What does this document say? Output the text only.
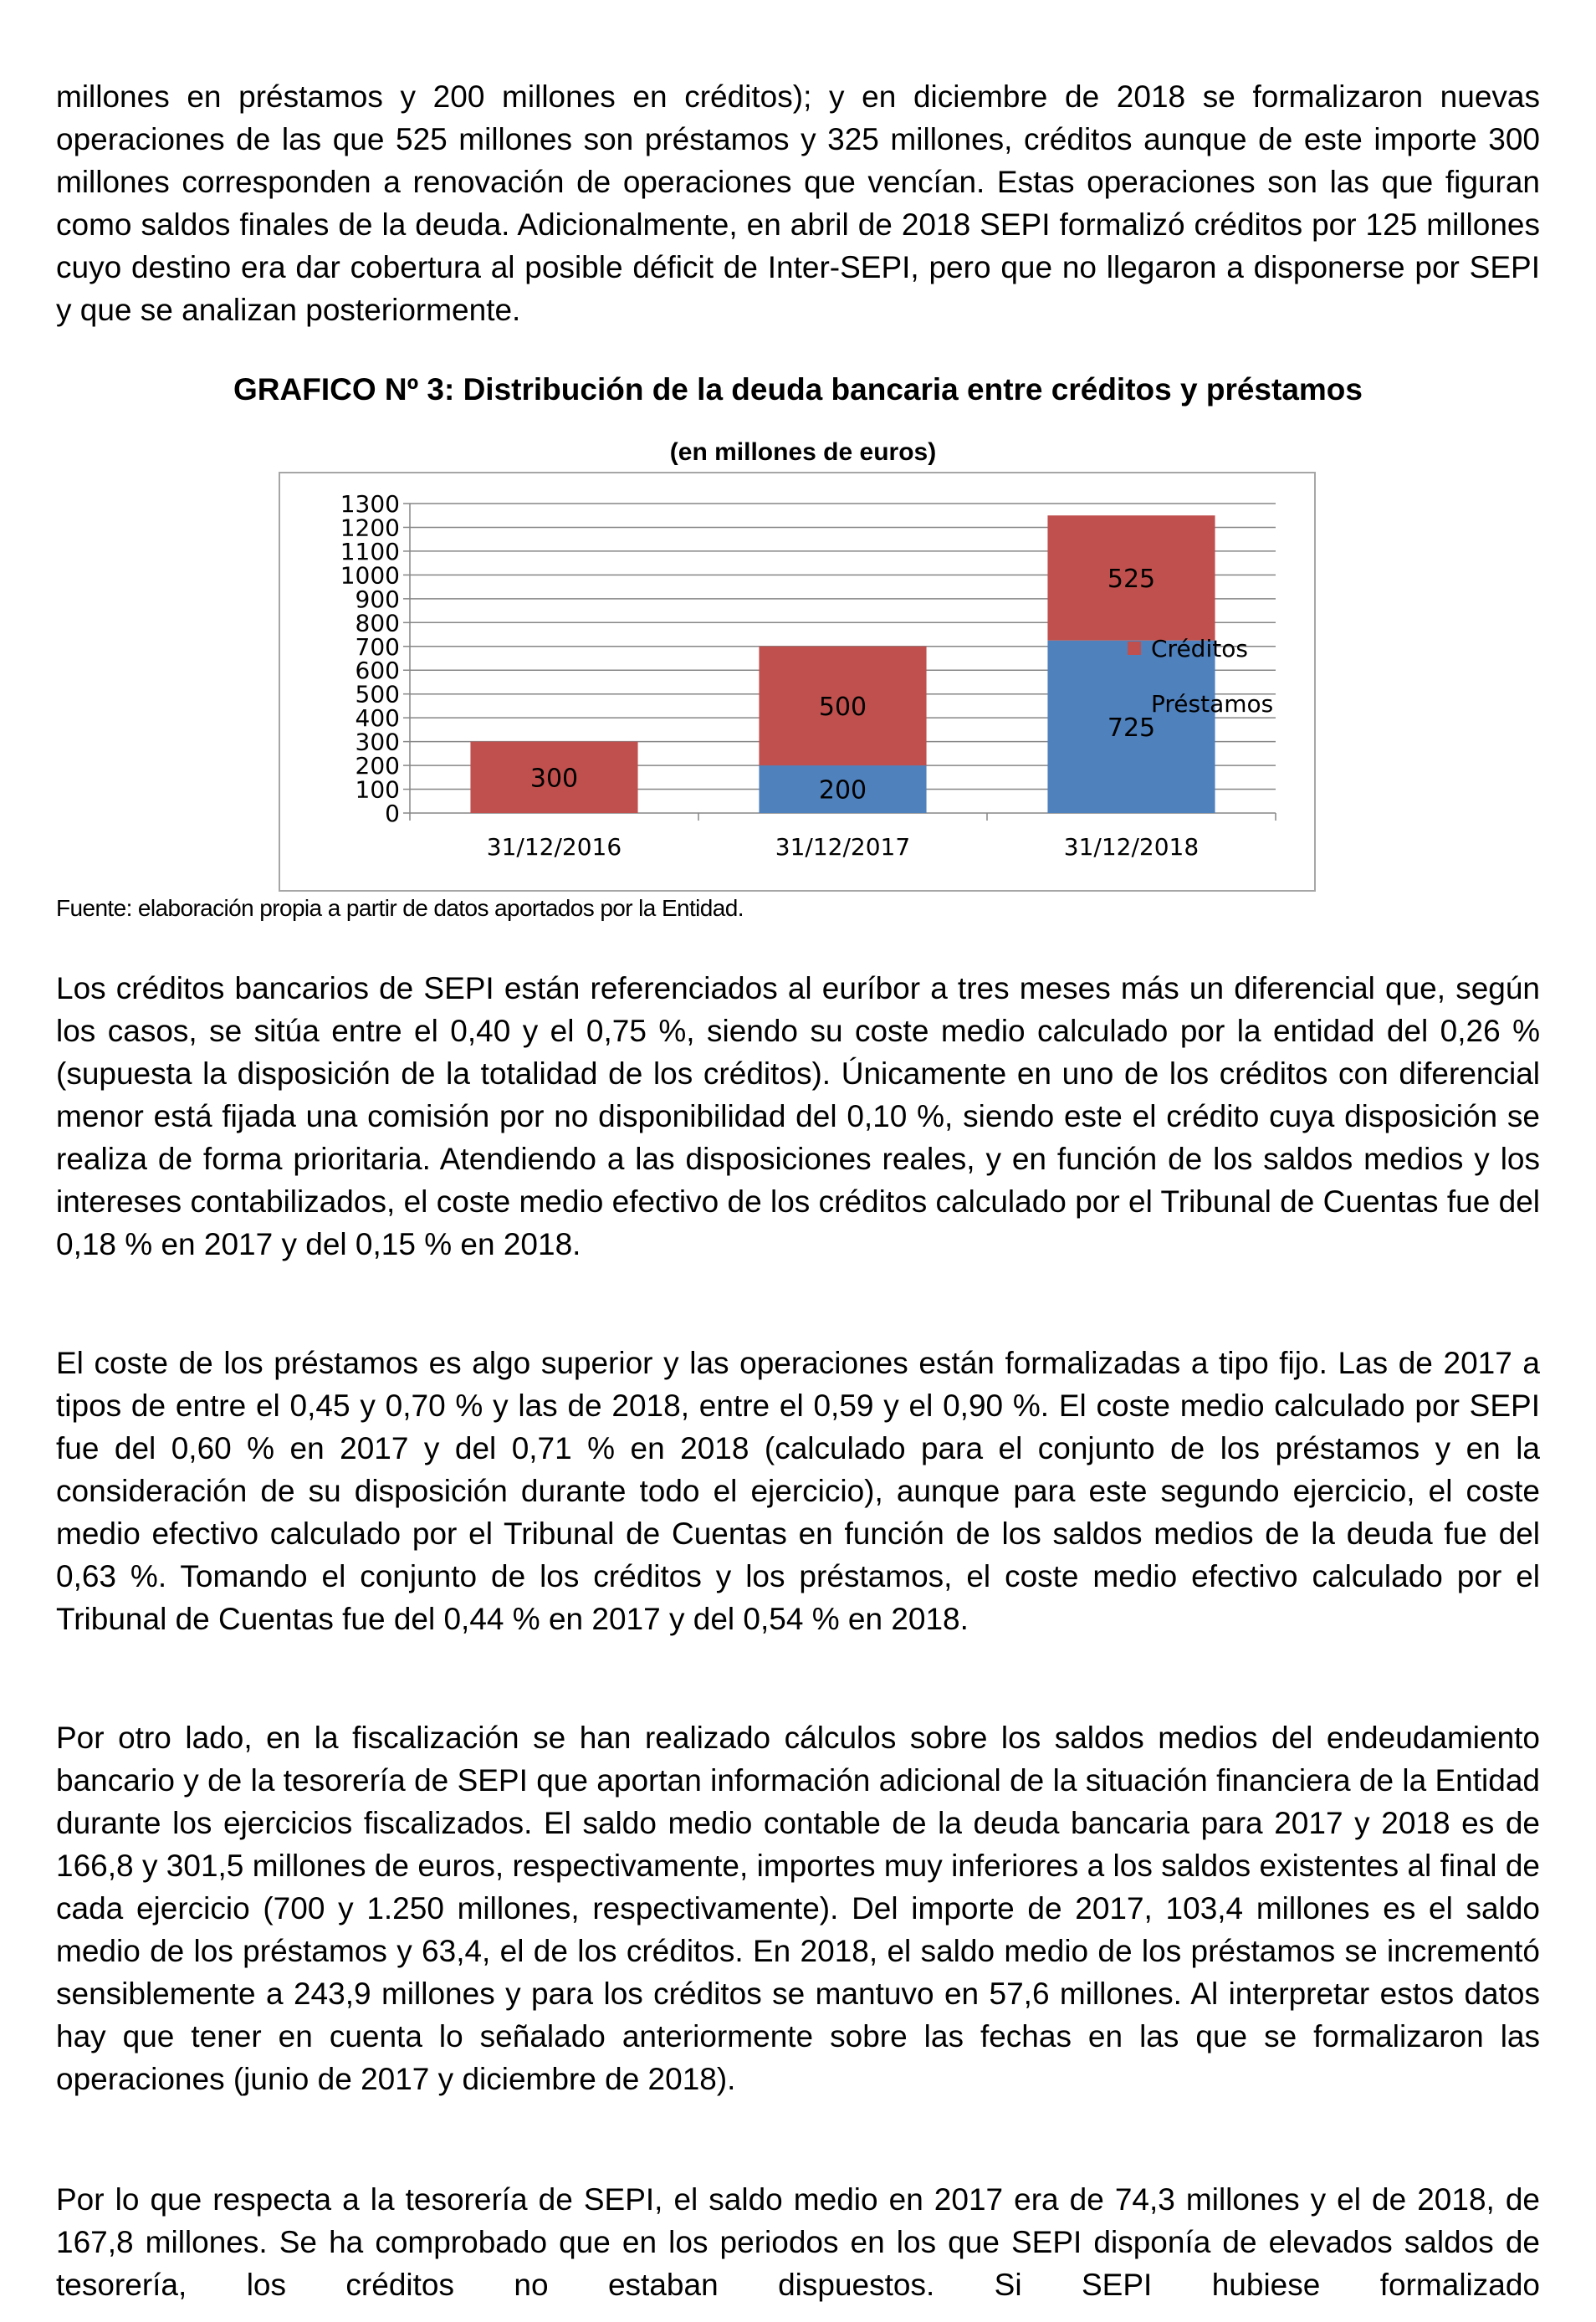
millones en préstamos y 200 millones en créditos); y en diciembre de 2018 se formalizaron nuevas operaciones de las que 525 millones son préstamos y 325 millones, créditos aunque de este importe 300 millones corresponden a renovación de operaciones que vencían. Estas operaciones son las que figuran como saldos finales de la deuda. Adicionalmente, en abril de 2018 SEPI formalizó créditos por 125 millones cuyo destino era dar cobertura al posible déficit de Inter-SEPI, pero que no llegaron a disponerse por SEPI y que se analizan posteriormente.

GRAFICO Nº 3: Distribución de la deuda bancaria entre créditos y préstamos

(en millones de euros)
0
100
200
300
400
500
600
700
800
900
1000
1100
1200
1300
31/12/2016	31/12/2017	31/12/2018
300	200
500
725
525
Créditos
Préstamos

Fuente: elaboración propia a partir de datos aportados por la Entidad.

Los créditos bancarios de SEPI están referenciados al euríbor a tres meses más un diferencial que, según los casos, se sitúa entre el 0,40 y el 0,75 %, siendo su coste medio calculado por la entidad del 0,26 % (supuesta la disposición de la totalidad de los créditos). Únicamente en uno de los créditos con diferencial menor está fijada una comisión por no disponibilidad del 0,10 %, siendo este el crédito cuya disposición se realiza de forma prioritaria. Atendiendo a las disposiciones reales, y en función de los saldos medios y los intereses contabilizados, el coste medio efectivo de los créditos calculado por el Tribunal de Cuentas fue del 0,18 % en 2017 y del 0,15 % en 2018.

El coste de los préstamos es algo superior y las operaciones están formalizadas a tipo fijo. Las de 2017 a tipos de entre el 0,45 y 0,70 % y las de 2018, entre el 0,59 y el 0,90 %. El coste medio calculado por SEPI fue del 0,60 % en 2017 y del 0,71 % en 2018 (calculado para el conjunto de los préstamos y en la consideración de su disposición durante todo el ejercicio), aunque para este segundo ejercicio, el coste medio efectivo calculado por el Tribunal de Cuentas en función de los saldos medios de la deuda fue del 0,63 %. Tomando el conjunto de los créditos y los préstamos, el coste medio efectivo calculado por el Tribunal de Cuentas fue del 0,44 % en 2017 y del 0,54 % en 2018.

Por otro lado, en la fiscalización se han realizado cálculos sobre los saldos medios del endeudamiento bancario y de la tesorería de SEPI que aportan información adicional de la situación financiera de la Entidad durante los ejercicios fiscalizados. El saldo medio contable de la deuda bancaria para 2017 y 2018 es de 166,8 y 301,5 millones de euros, respectivamente, importes muy inferiores a los saldos existentes al final de cada ejercicio (700 y 1.250 millones, respectivamente). Del importe de 2017, 103,4 millones es el saldo medio de los préstamos y 63,4, el de los créditos. En 2018, el saldo medio de los préstamos se incrementó sensiblemente a 243,9 millones y para los créditos se mantuvo en 57,6 millones. Al interpretar estos datos hay que tener en cuenta lo señalado anteriormente sobre las fechas en las que se formalizaron las operaciones (junio de 2017 y diciembre de 2018).

Por lo que respecta a la tesorería de SEPI, el saldo medio en 2017 era de 74,3 millones y el de 2018, de 167,8 millones. Se ha comprobado que en los periodos en los que SEPI disponía de elevados saldos de tesorería, los créditos no estaban dispuestos. Si SEPI hubiese formalizado
